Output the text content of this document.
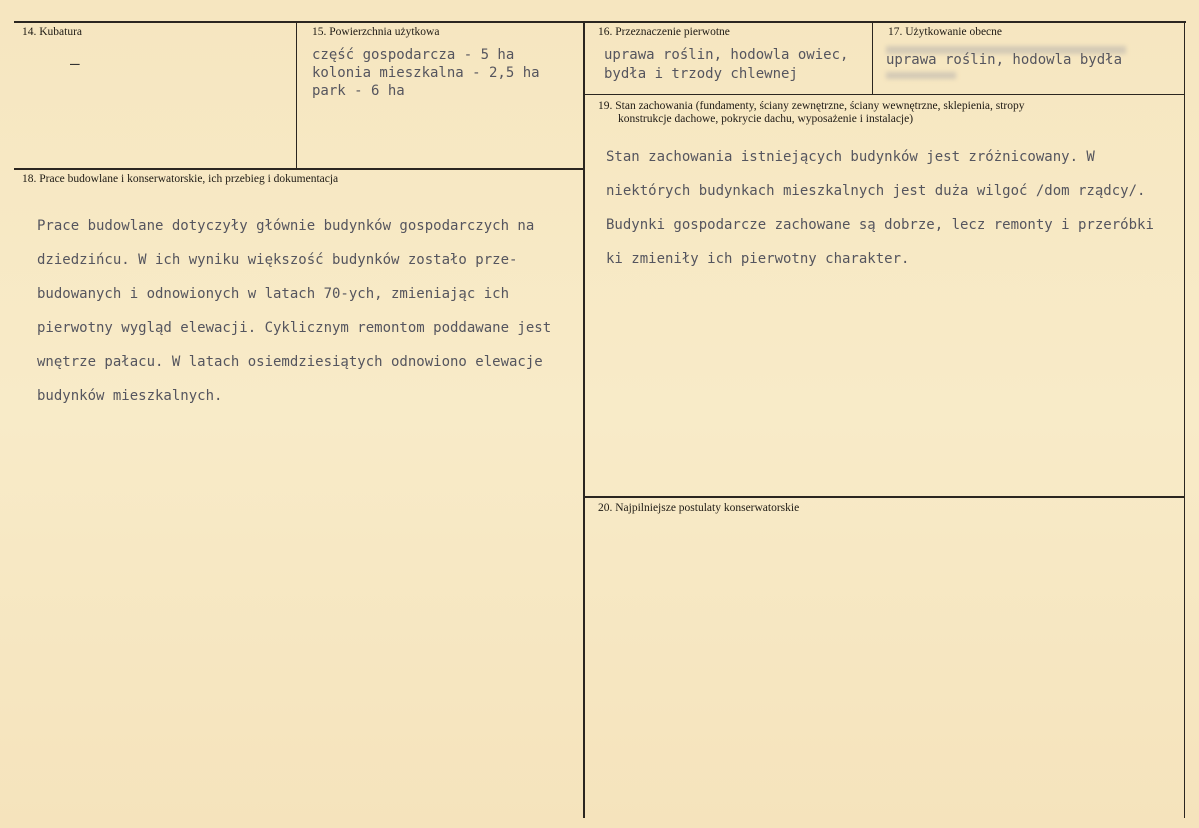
14. Kubatura
—
15. Powierzchnia użytkowa
część gospodarcza - 5 ha
kolonia mieszkalna - 2,5 ha
park - 6 ha
16. Przeznaczenie pierwotne
uprawa roślin, hodowla owiec,
bydła i trzody chlewnej
17. Użytkowanie obecne
uprawa roślin, hodowla bydła
18. Prace budowlane i konserwatorskie, ich przebieg i dokumentacja
Prace budowlane dotyczyły głównie budynków gospodarczych na
dziedzińcu. W ich wyniku większość budynków zostało prze-
budowanych i odnowionych w latach 70-ych, zmieniając ich
pierwotny wygląd elewacji. Cyklicznym remontom poddawane jest
wnętrze pałacu. W latach osiemdziesiątych odnowiono elewacje
budynków mieszkalnych.
19. Stan zachowania (fundamenty, ściany zewnętrzne, ściany wewnętrzne, sklepienia, stropy
konstrukcje dachowe, pokrycie dachu, wyposażenie i instalacje)
Stan zachowania istniejących budynków jest zróżnicowany. W
niektórych budynkach mieszkalnych jest duża wilgoć /dom rządcy/.
Budynki gospodarcze zachowane są dobrze, lecz remonty i przeróbki
ki zmieniły ich pierwotny charakter.
20. Najpilniejsze postulaty konserwatorskie
